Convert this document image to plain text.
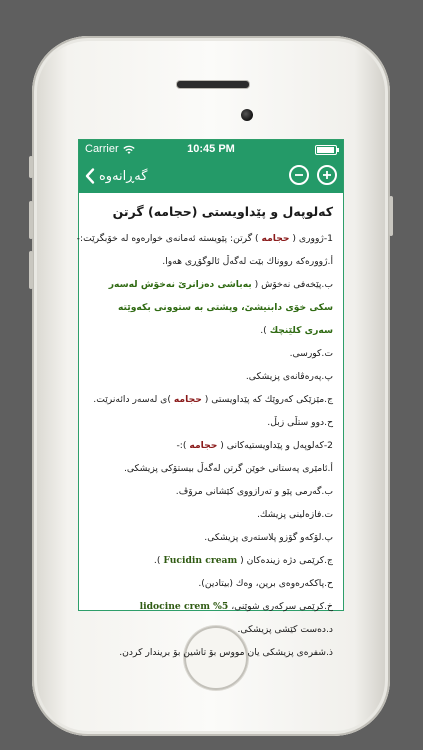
Carrier	10:45 PM
گەڕانەوە
کەلوپەل و پێداویستی (حجامە) گرتن

1-ژووری ( حجامە ) گرتن: پێویستە ئەمانەی خوارەوە لە خۆبگرێت:-

أ.ژوورەکە رووناك بێت لەگەڵ ئالوگۆڕی هەوا.

ب.پێخەفی نەخۆش ( بەباشی دەزانرێ نەخۆش لەسەر سکی خۆی دابنیشێ، وپشتی بە ستوونی بکەوێتە سەری کلێنچك ).

ت.کورسی.

پ.پەرەڤانەی پزیشکی.

ج.مێزێکی کەروێك کە پێداویستی ( حجامە )ی لەسەر دائەنرێت.

ح.دوو ستڵی زبڵ.

2-کەلوپەل و پێداویستیەکانی ( حجامە ):-

أ.ئامێری پەستانی خوێن گرتن لەگەڵ بیستۆکی پزیشکی.

ب.گەرمی پێو و تەرازووی کێشانی مرۆڤ.

ت.فازەلینی پزیشك.

پ.لۆکەو گۆزو پلاستەری پزیشکی.

ج.کرێمی دژە زیندەکان ( Fucidin cream ).

ح.پاککەرەوەی برین، وەك (بیتادین).

خ.کرێمی سرکەری شوێنی، lidocine crem %5

د.دەست کێشی پزیشکی.

ذ.شفرەی پزیشکی یان مووس بۆ تاشین بۆ بریندار کردن.
